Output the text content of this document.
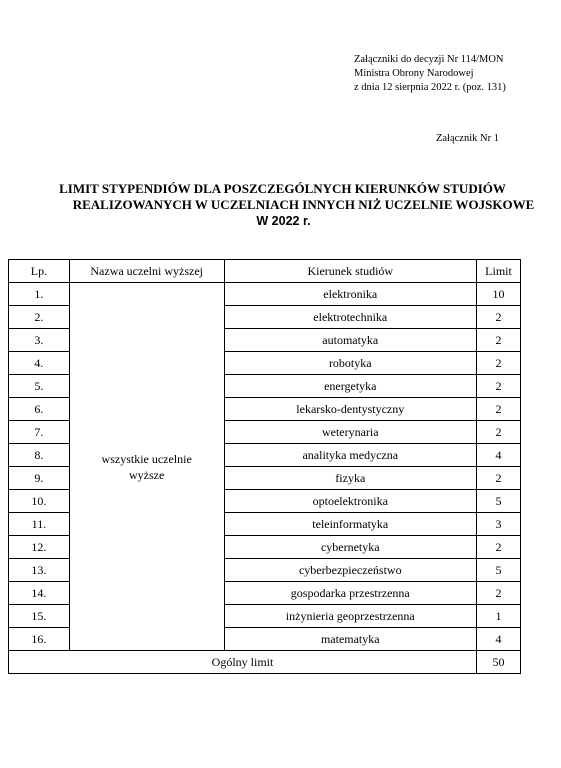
Załączniki do decyzji Nr 114/MON
Ministra Obrony Narodowej
z dnia 12 sierpnia 2022 r. (poz. 131)
Załącznik Nr 1
LIMIT STYPENDIÓW DLA POSZCZEGÓLNYCH KIERUNKÓW STUDIÓW
REALIZOWANYCH W UCZELNIACH INNYCH NIŻ UCZELNIE WOJSKOWE
W 2022 r.
Lp.	Nazwa uczelni wyższej	Kierunek studiów	Limit
1.	wszystkie uczelnie
wyższe	elektronika	10
2.		elektrotechnika	2
3.		automatyka	2
4.		robotyka	2
5.		energetyka	2
6.		lekarsko-dentystyczny	2
7.		weterynaria	2
8.		analityka medyczna	4
9.		fizyka	2
10.		optoelektronika	5
11.		teleinformatyka	3
12.		cybernetyka	2
13.		cyberbezpieczeństwo	5
14.		gospodarka przestrzenna	2
15.		inżynieria geoprzestrzenna	1
16.		matematyka	4
Ogólny limit			50
